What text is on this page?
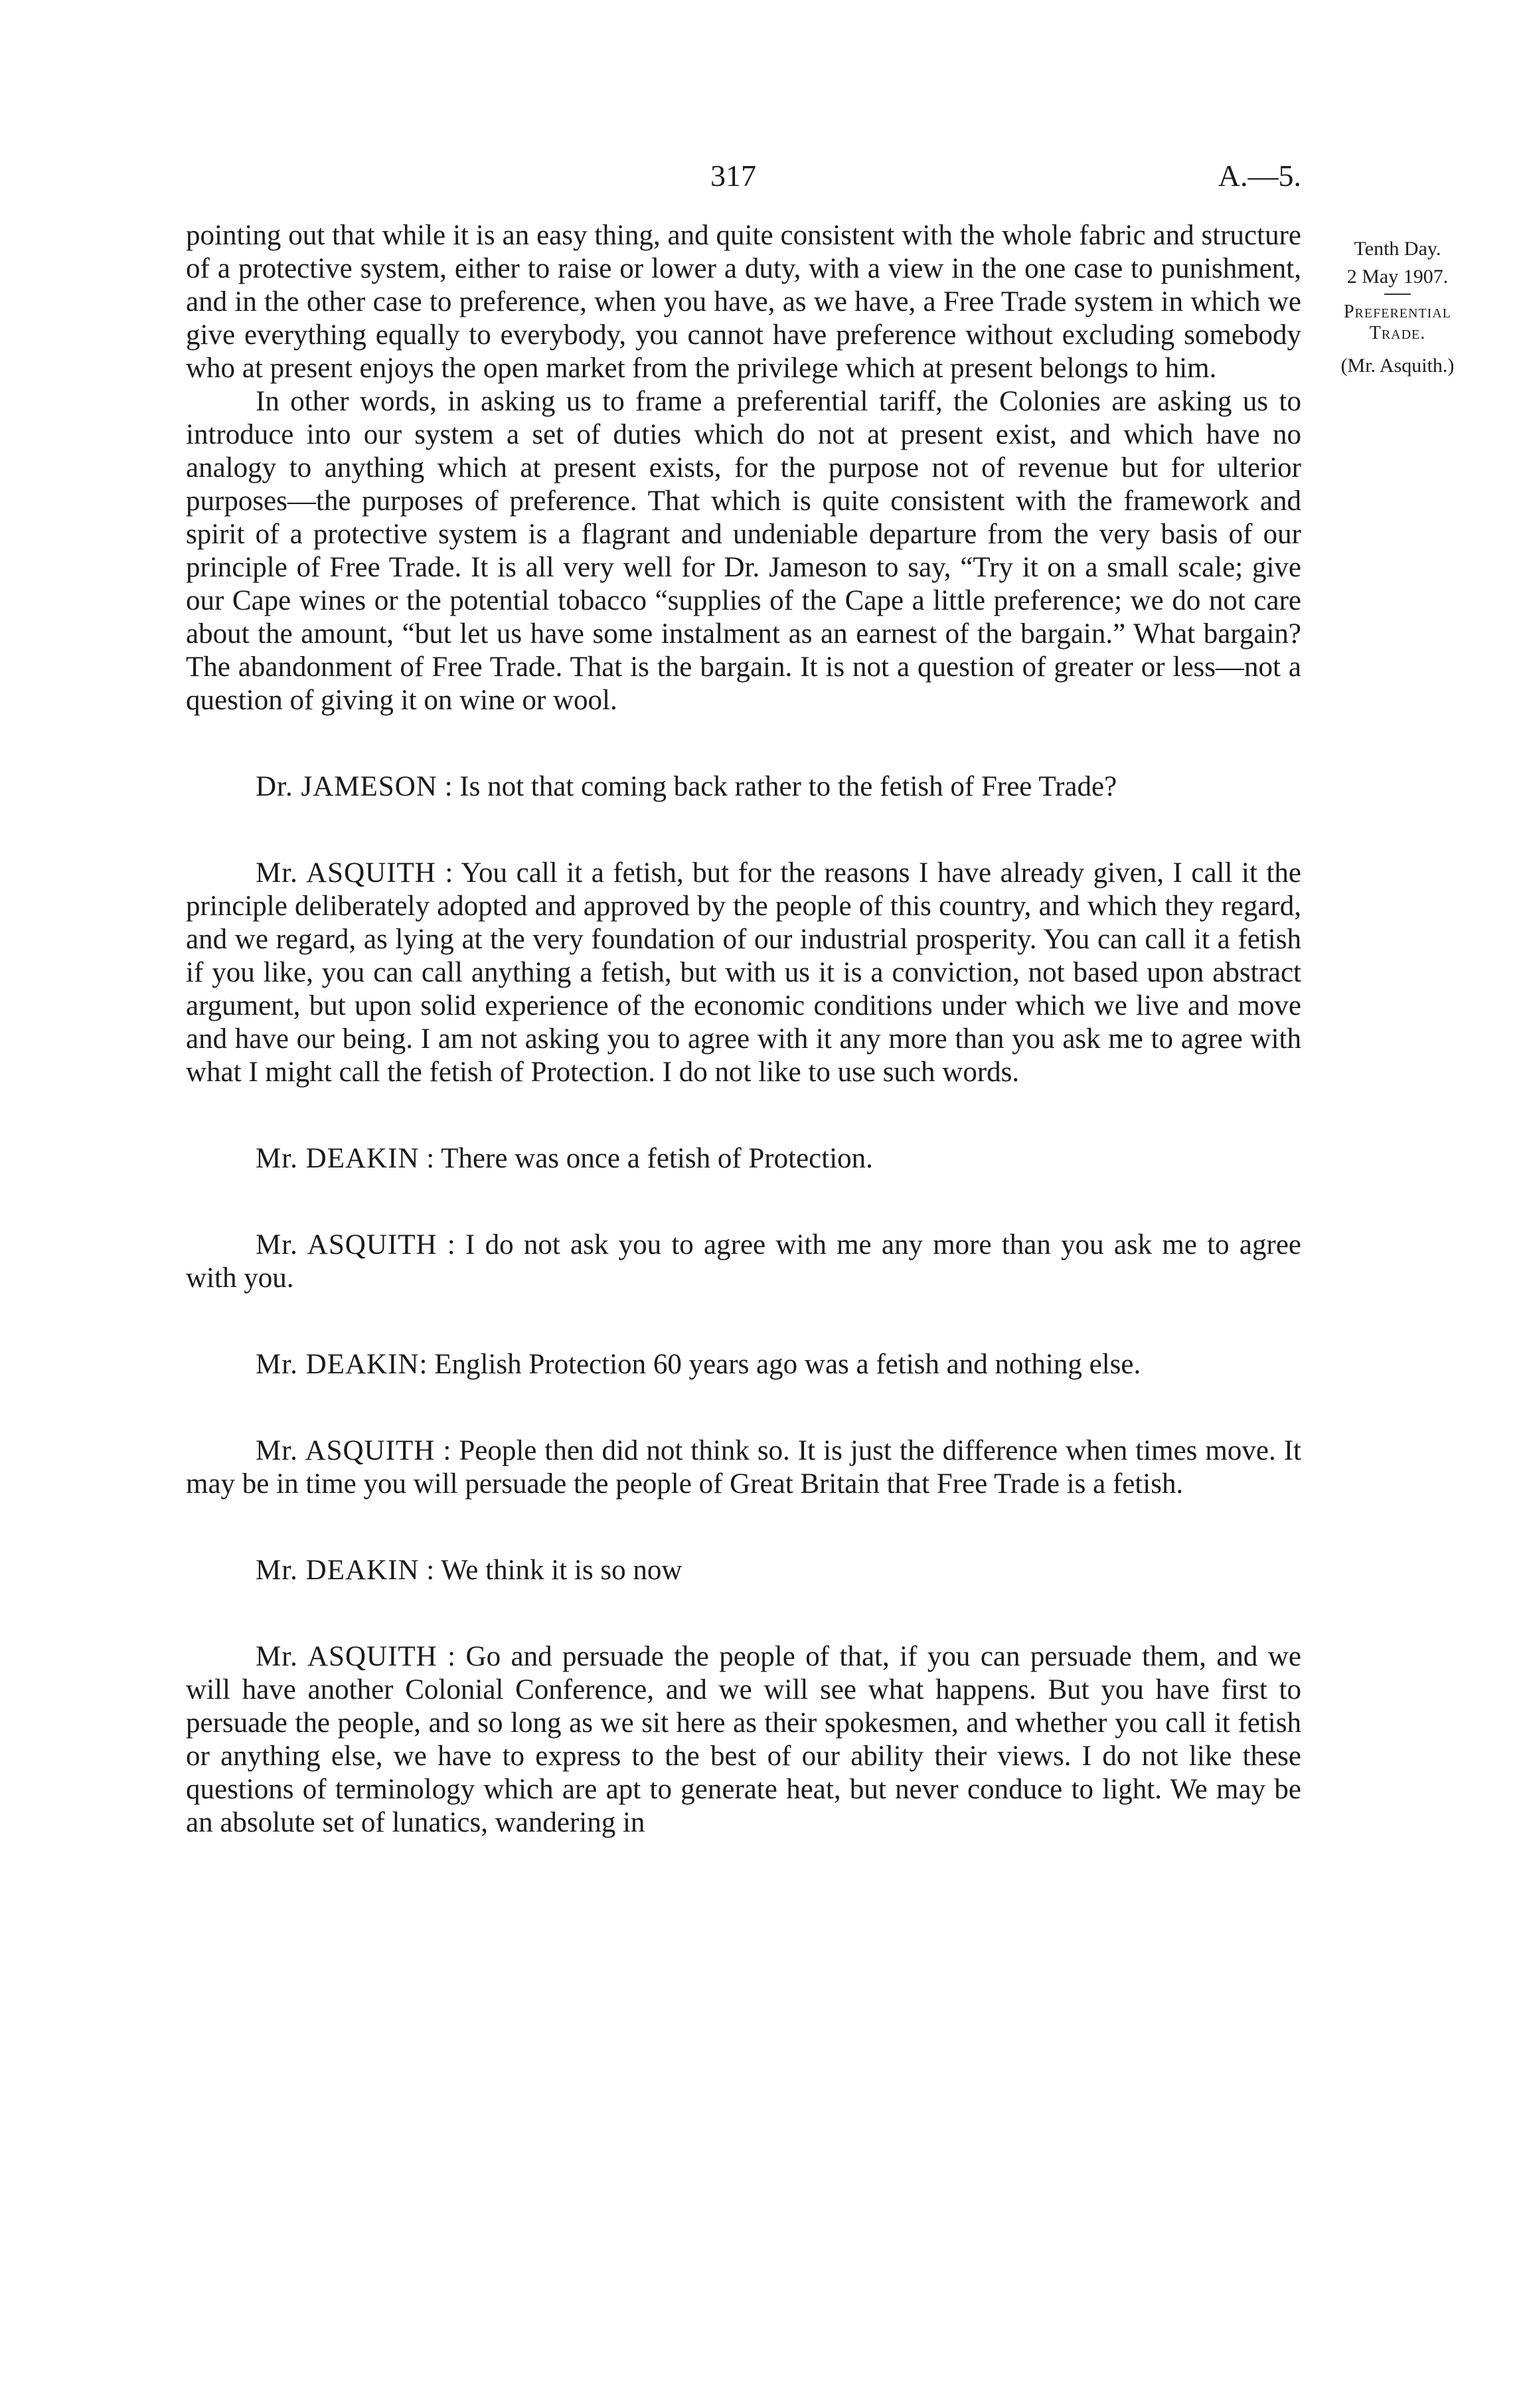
317	A.—5.
Tenth Day.
2 May 1907.
Preferential Trade.
(Mr. Asquith.)

pointing out that while it is an easy thing, and quite consistent with the whole fabric and structure of a protective system, either to raise or lower a duty, with a view in the one case to punishment, and in the other case to preference, when you have, as we have, a Free Trade system in which we give everything equally to everybody, you cannot have preference without excluding somebody who at present enjoys the open market from the privilege which at present belongs to him.

In other words, in asking us to frame a preferential tariff, the Colonies are asking us to introduce into our system a set of duties which do not at present exist, and which have no analogy to anything which at present exists, for the purpose not of revenue but for ulterior purposes—the purposes of preference. That which is quite consistent with the framework and spirit of a protective system is a flagrant and undeniable departure from the very basis of our principle of Free Trade. It is all very well for Dr. Jameson to say, “Try it on a small scale; give our Cape wines or the potential tobacco “supplies of the Cape a little preference; we do not care about the amount, “but let us have some instalment as an earnest of the bargain.” What bargain? The abandonment of Free Trade. That is the bargain. It is not a question of greater or less—not a question of giving it on wine or wool.

Dr. JAMESON : Is not that coming back rather to the fetish of Free Trade?

Mr. ASQUITH : You call it a fetish, but for the reasons I have already given, I call it the principle deliberately adopted and approved by the people of this country, and which they regard, and we regard, as lying at the very foundation of our industrial prosperity. You can call it a fetish if you like, you can call anything a fetish, but with us it is a conviction, not based upon abstract argument, but upon solid experience of the economic conditions under which we live and move and have our being. I am not asking you to agree with it any more than you ask me to agree with what I might call the fetish of Protection. I do not like to use such words.

Mr. DEAKIN : There was once a fetish of Protection.

Mr. ASQUITH : I do not ask you to agree with me any more than you ask me to agree with you.

Mr. DEAKIN: English Protection 60 years ago was a fetish and nothing else.

Mr. ASQUITH : People then did not think so. It is just the difference when times move. It may be in time you will persuade the people of Great Britain that Free Trade is a fetish.

Mr. DEAKIN : We think it is so now

Mr. ASQUITH : Go and persuade the people of that, if you can persuade them, and we will have another Colonial Conference, and we will see what happens. But you have first to persuade the people, and so long as we sit here as their spokesmen, and whether you call it fetish or anything else, we have to express to the best of our ability their views. I do not like these questions of terminology which are apt to generate heat, but never conduce to light. We may be an absolute set of lunatics, wandering in
